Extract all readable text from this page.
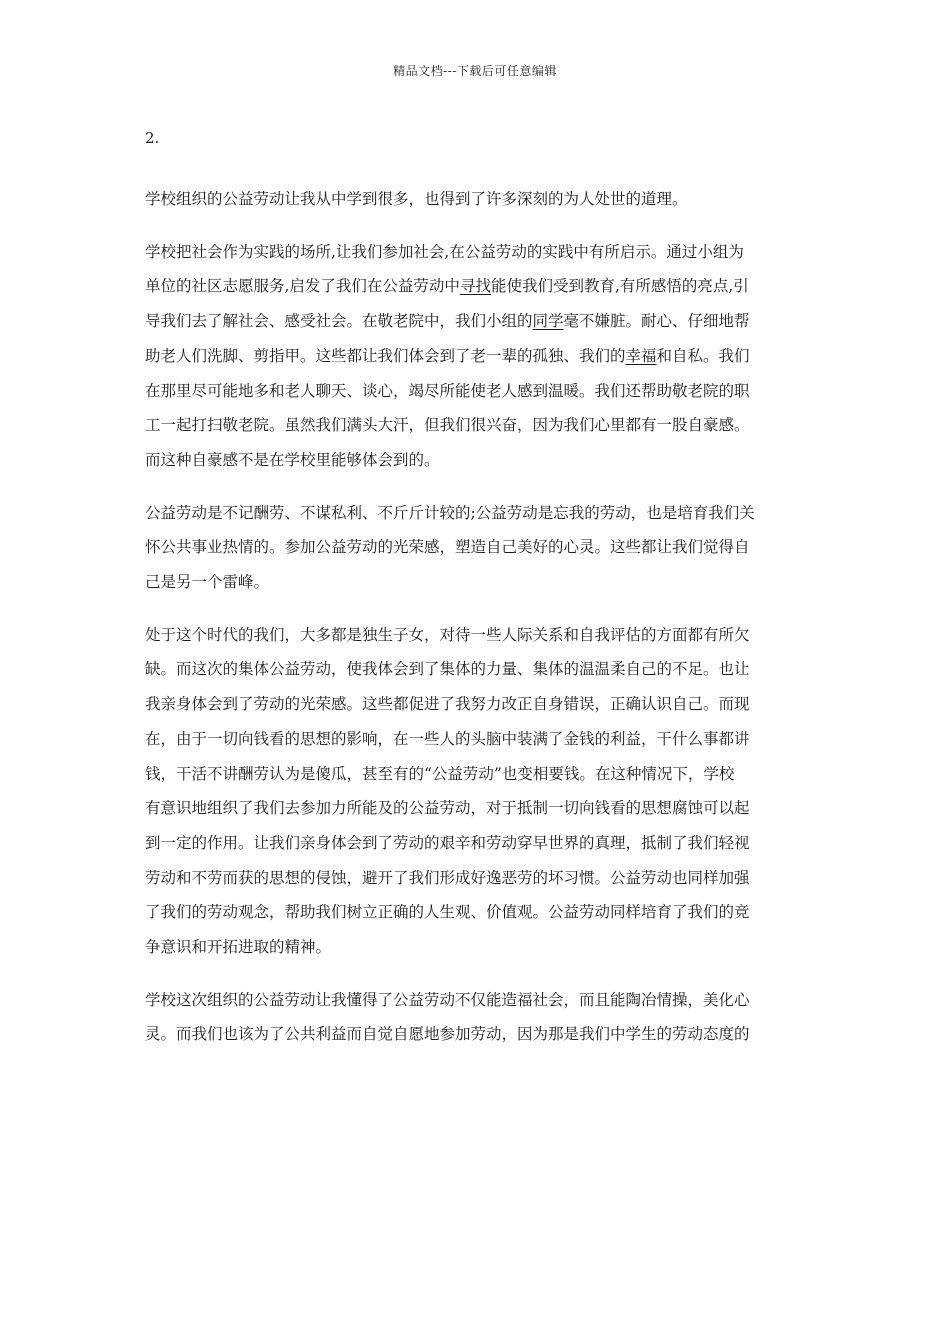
精品文档---下载后可任意编辑
2.
学校组织的公益劳动让我从中学到很多，也得到了许多深刻的为人处世的道理。
学校把社会作为实践的场所,让我们参加社会,在公益劳动的实践中有所启示。通过小组为
单位的社区志愿服务,启发了我们在公益劳动中寻找能使我们受到教育,有所感悟的亮点,引
导我们去了解社会、感受社会。在敬老院中，我们小组的同学毫不嫌脏。耐心、仔细地帮
助老人们洗脚、剪指甲。这些都让我们体会到了老一辈的孤独、我们的幸福和自私。我们
在那里尽可能地多和老人聊天、谈心，竭尽所能使老人感到温暖。我们还帮助敬老院的职
工一起打扫敬老院。虽然我们满头大汗，但我们很兴奋，因为我们心里都有一股自豪感。
而这种自豪感不是在学校里能够体会到的。
公益劳动是不记酬劳、不谋私利、不斤斤计较的;公益劳动是忘我的劳动，也是培育我们关
怀公共事业热情的。参加公益劳动的光荣感，塑造自己美好的心灵。这些都让我们觉得自
己是另一个雷峰。
处于这个时代的我们，大多都是独生子女，对待一些人际关系和自我评估的方面都有所欠
缺。而这次的集体公益劳动，使我体会到了集体的力量、集体的温温柔自己的不足。也让
我亲身体会到了劳动的光荣感。这些都促进了我努力改正自身错误，正确认识自己。而现
在，由于一切向钱看的思想的影响，在一些人的头脑中装满了金钱的利益，干什么事都讲
钱，干活不讲酬劳认为是傻瓜，甚至有的“公益劳动”也变相要钱。在这种情况下，学校
有意识地组织了我们去参加力所能及的公益劳动，对于抵制一切向钱看的思想腐蚀可以起
到一定的作用。让我们亲身体会到了劳动的艰辛和劳动穿早世界的真理，抵制了我们轻视
劳动和不劳而获的思想的侵蚀，避开了我们形成好逸恶劳的坏习惯。公益劳动也同样加强
了我们的劳动观念，帮助我们树立正确的人生观、价值观。公益劳动同样培育了我们的竞
争意识和开拓进取的精神。
学校这次组织的公益劳动让我懂得了公益劳动不仅能造福社会，而且能陶冶情操，美化心
灵。而我们也该为了公共利益而自觉自愿地参加劳动，因为那是我们中学生的劳动态度的
